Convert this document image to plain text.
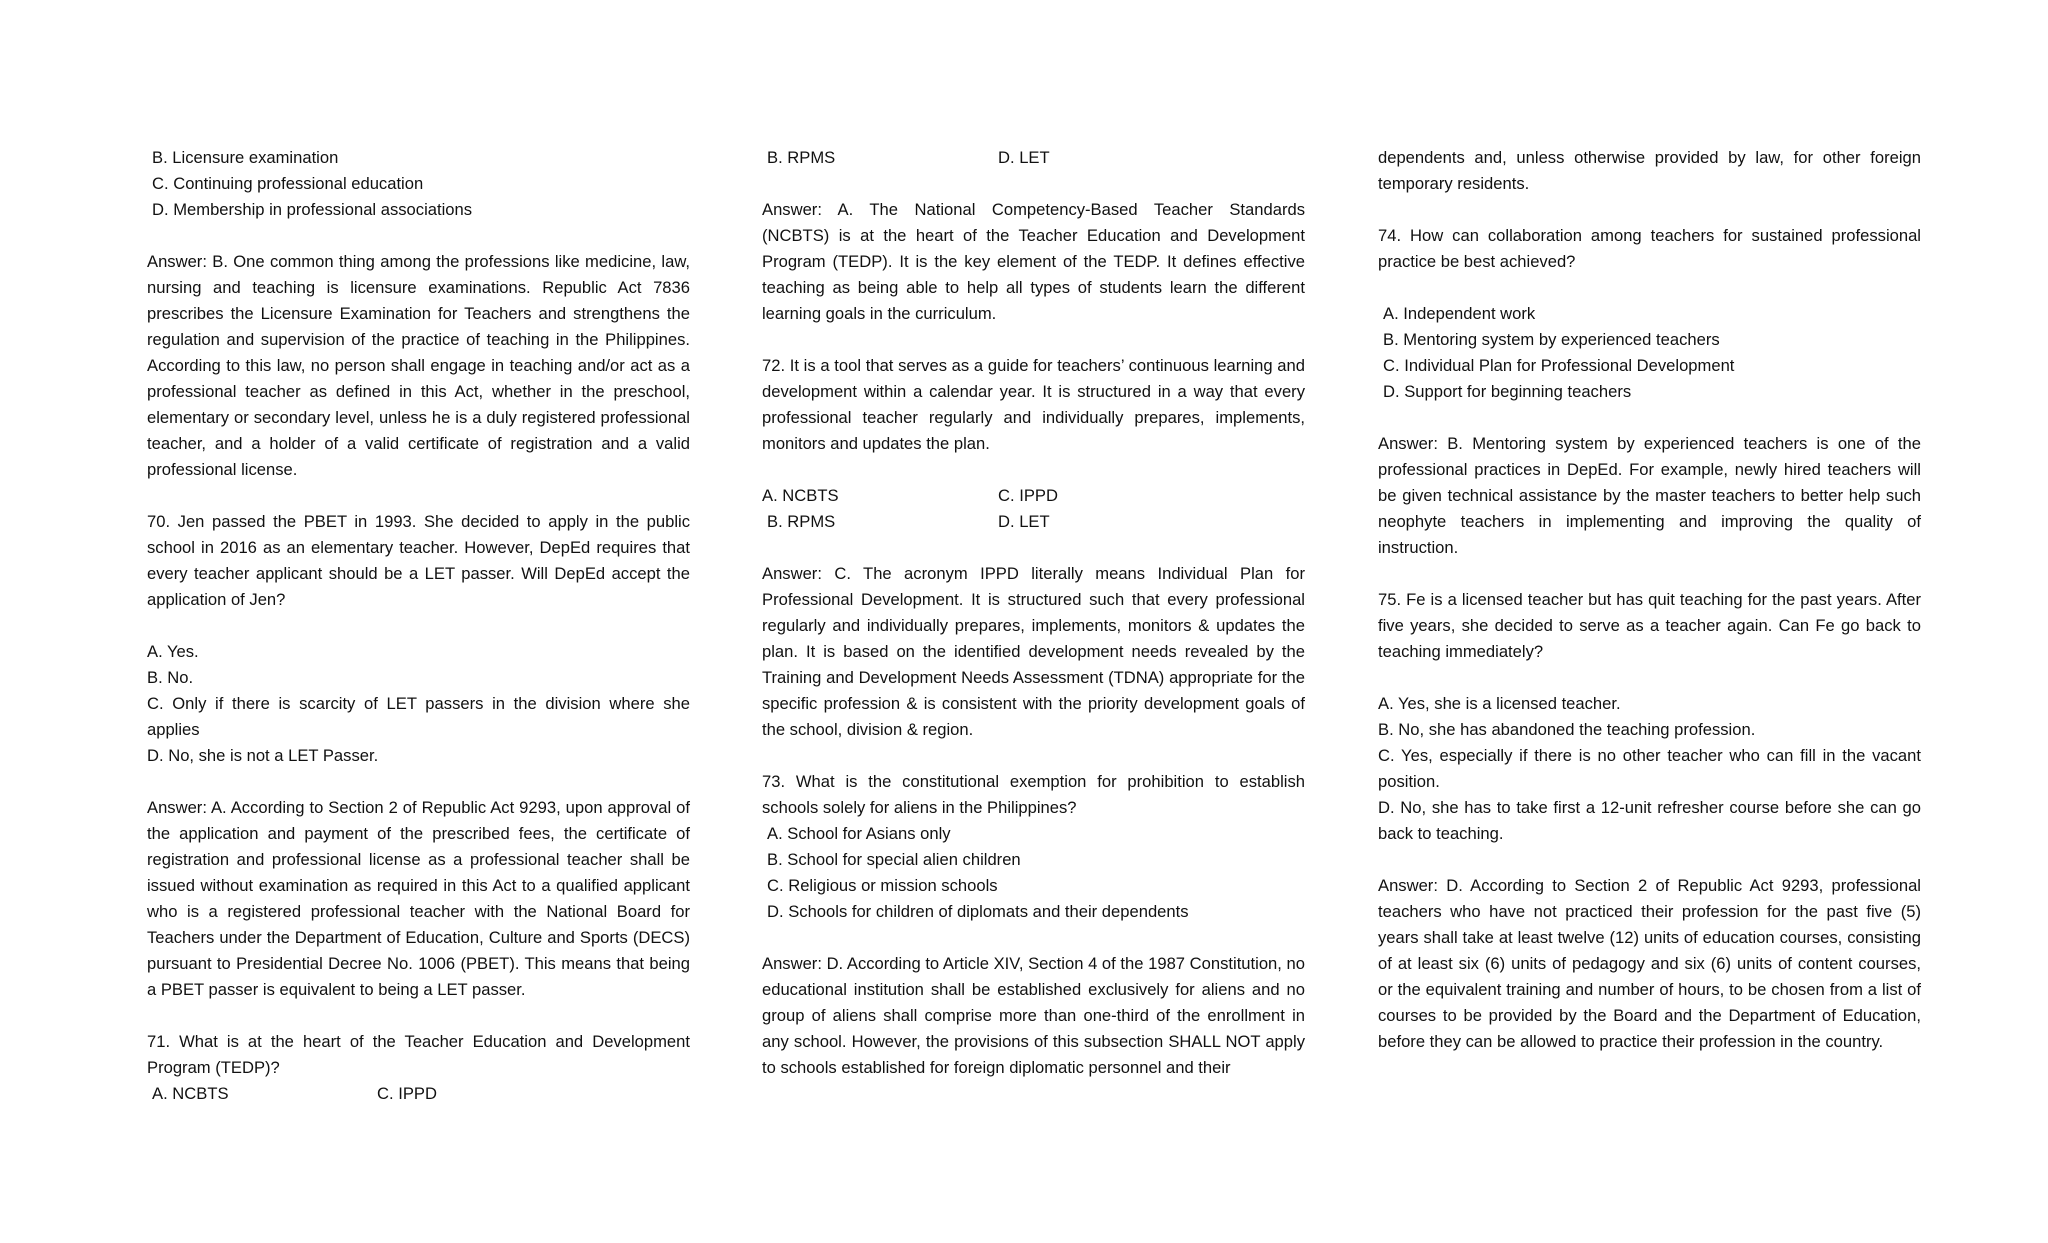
B. Licensure examination
C. Continuing professional education
D. Membership in professional associations

Answer: B. One common thing among the professions like medicine, law, nursing and teaching is licensure examinations. Republic Act 7836 prescribes the Licensure Examination for Teachers and strengthens the regulation and supervision of the practice of teaching in the Philippines. According to this law, no person shall engage in teaching and/or act as a professional teacher as defined in this Act, whether in the preschool, elementary or secondary level, unless he is a duly registered professional teacher, and a holder of a valid certificate of registration and a valid professional license.

70. Jen passed the PBET in 1993. She decided to apply in the public school in 2016 as an elementary teacher. However, DepEd requires that every teacher applicant should be a LET passer. Will DepEd accept the application of Jen?

A. Yes.
B. No.
C. Only if there is scarcity of LET passers in the division where she applies
D. No, she is not a LET Passer.

Answer: A. According to Section 2 of Republic Act 9293, upon approval of the application and payment of the prescribed fees, the certificate of registration and professional license as a professional teacher shall be issued without examination as required in this Act to a qualified applicant who is a registered professional teacher with the National Board for Teachers under the Department of Education, Culture and Sports (DECS) pursuant to Presidential Decree No. 1006 (PBET). This means that being a PBET passer is equivalent to being a LET passer.

71. What is at the heart of the Teacher Education and Development Program (TEDP)?

A. NCBTS	C. IPPD
B. RPMS	D. LET

Answer: A. The National Competency-Based Teacher Standards (NCBTS) is at the heart of the Teacher Education and Development Program (TEDP). It is the key element of the TEDP. It defines effective teaching as being able to help all types of students learn the different learning goals in the curriculum.

72. It is a tool that serves as a guide for teachers’ continuous learning and development within a calendar year. It is structured in a way that every professional teacher regularly and individually prepares, implements, monitors and updates the plan.

A. NCBTS	C. IPPD
B. RPMS	D. LET

Answer: C. The acronym IPPD literally means Individual Plan for Professional Development. It is structured such that every professional regularly and individually prepares, implements, monitors & updates the plan. It is based on the identified development needs revealed by the Training and Development Needs Assessment (TDNA) appropriate for the specific profession & is consistent with the priority development goals of the school, division & region.

73. What is the constitutional exemption for prohibition to establish schools solely for aliens in the Philippines?

A. School for Asians only
B. School for special alien children
C. Religious or mission schools
D. Schools for children of diplomats and their dependents

Answer: D. According to Article XIV, Section 4 of the 1987 Constitution, no educational institution shall be established exclusively for aliens and no group of aliens shall comprise more than one-third of the enrollment in any school. However, the provisions of this subsection SHALL NOT apply to schools established for foreign diplomatic personnel and their

dependents and, unless otherwise provided by law, for other foreign temporary residents.

74. How can collaboration among teachers for sustained professional practice be best achieved?

A. Independent work
B. Mentoring system by experienced teachers
C. Individual Plan for Professional Development
D. Support for beginning teachers

Answer: B. Mentoring system by experienced teachers is one of the professional practices in DepEd. For example, newly hired teachers will be given technical assistance by the master teachers to better help such neophyte teachers in implementing and improving the quality of instruction.

75. Fe is a licensed teacher but has quit teaching for the past years. After five years, she decided to serve as a teacher again. Can Fe go back to teaching immediately?

A. Yes, she is a licensed teacher.
B. No, she has abandoned the teaching profession.
C. Yes, especially if there is no other teacher who can fill in the vacant position.
D. No, she has to take first a 12-unit refresher course before she can go back to teaching.

Answer: D. According to Section 2 of Republic Act 9293, professional teachers who have not practiced their profession for the past five (5) years shall take at least twelve (12) units of education courses, consisting of at least six (6) units of pedagogy and six (6) units of content courses, or the equivalent training and number of hours, to be chosen from a list of courses to be provided by the Board and the Department of Education, before they can be allowed to practice their profession in the country.
